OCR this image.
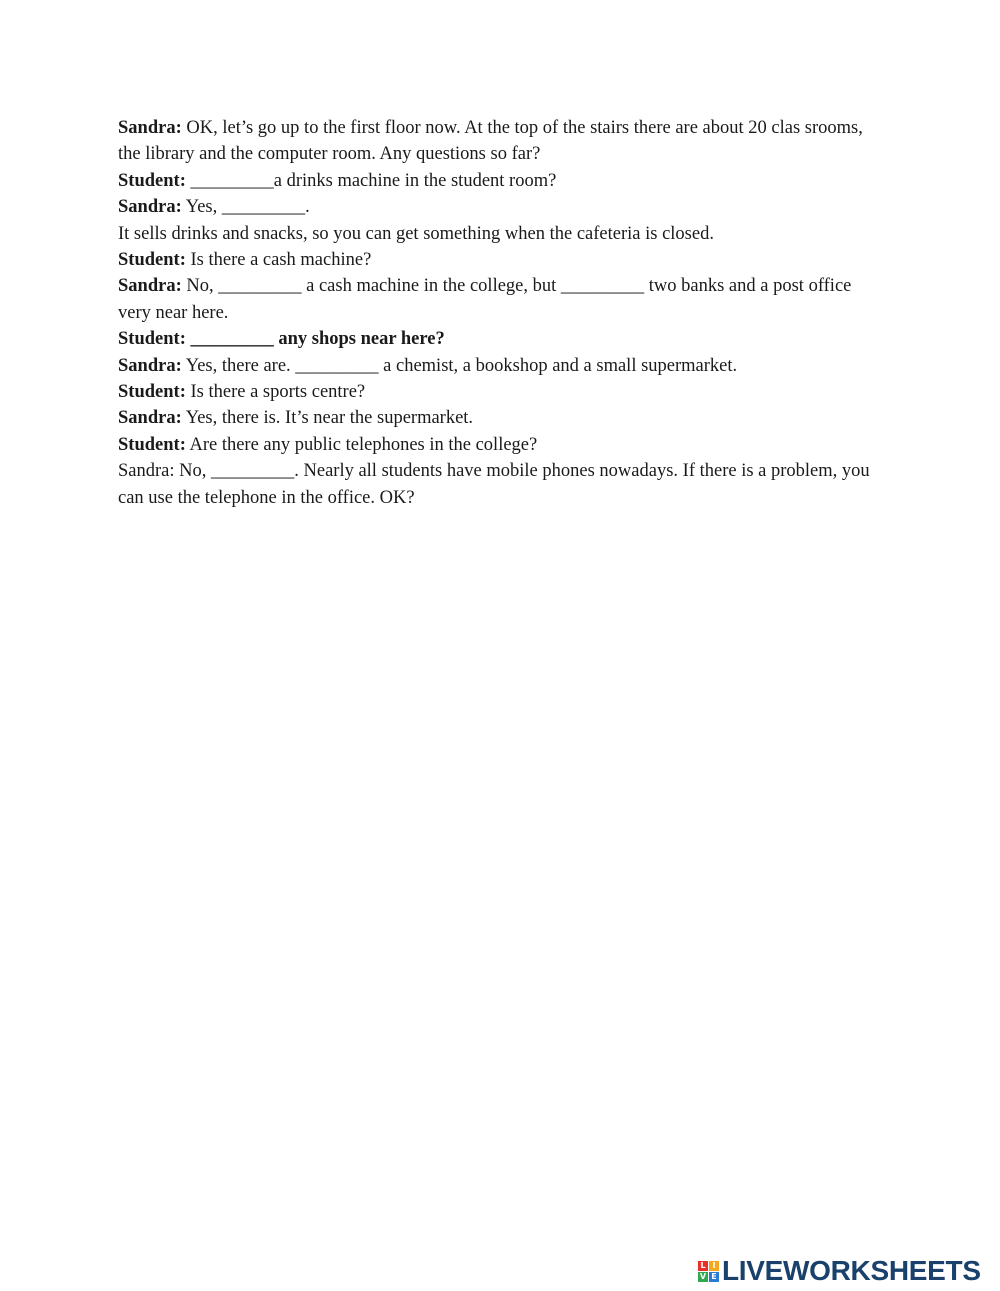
Sandra: OK, let’s go up to the first floor now. At the top of the stairs there are about 20 clas srooms, the library and the computer room. Any questions so far?

Student: _________a drinks machine in the student room?

Sandra: Yes, _________.

It sells drinks and snacks, so you can get something when the cafeteria is closed.

Student: Is there a cash machine?

Sandra: No, _________ a cash machine in the college, but _________ two banks and a post office very near here.

Student: _________ any shops near here?

Sandra: Yes, there are. _________ a chemist, a bookshop and a small supermarket.

Student: Is there a sports centre?

Sandra: Yes, there is. It’s near the supermarket.

Student: Are there any public telephones in the college?

Sandra: No, _________. Nearly all students have mobile phones nowadays. If there is a problem, you can use the telephone in the office. OK?

L I
V E LIVEWORKSHEETS
